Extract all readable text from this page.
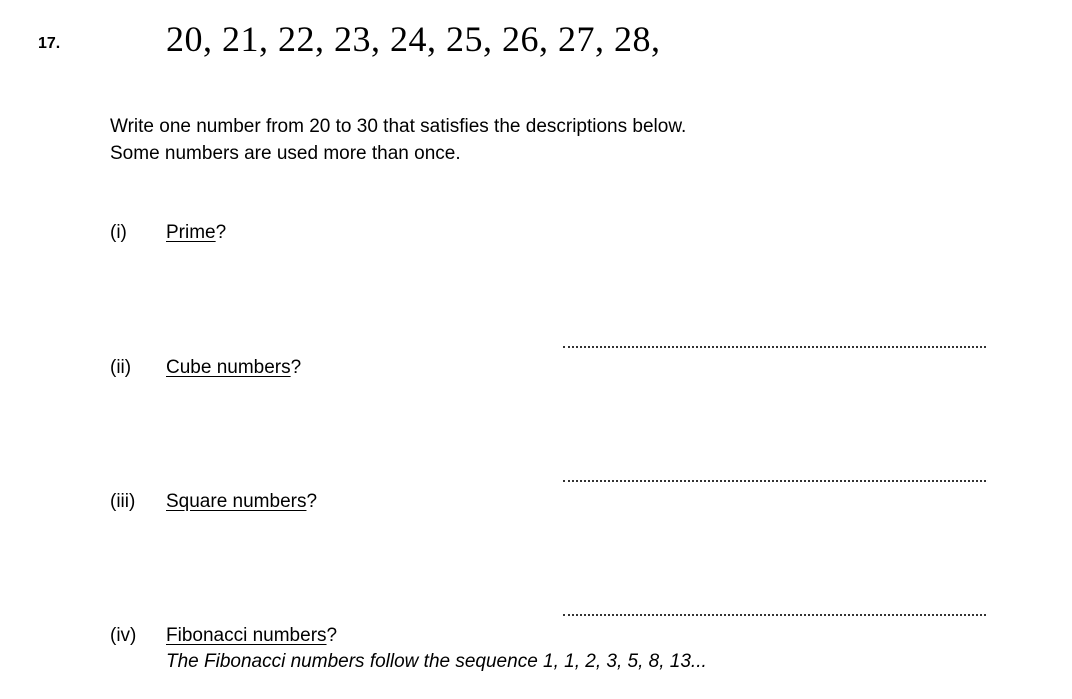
17.	20, 21, 22, 23, 24, 25, 26, 27, 28,
Write one number from 20 to 30 that satisfies the descriptions below.
Some numbers are used more than once.
(i) Prime?
(ii) Cube numbers?
(iii) Square numbers?
(iv) Fibonacci numbers?
The Fibonacci numbers follow the sequence 1, 1, 2, 3, 5, 8, 13...
